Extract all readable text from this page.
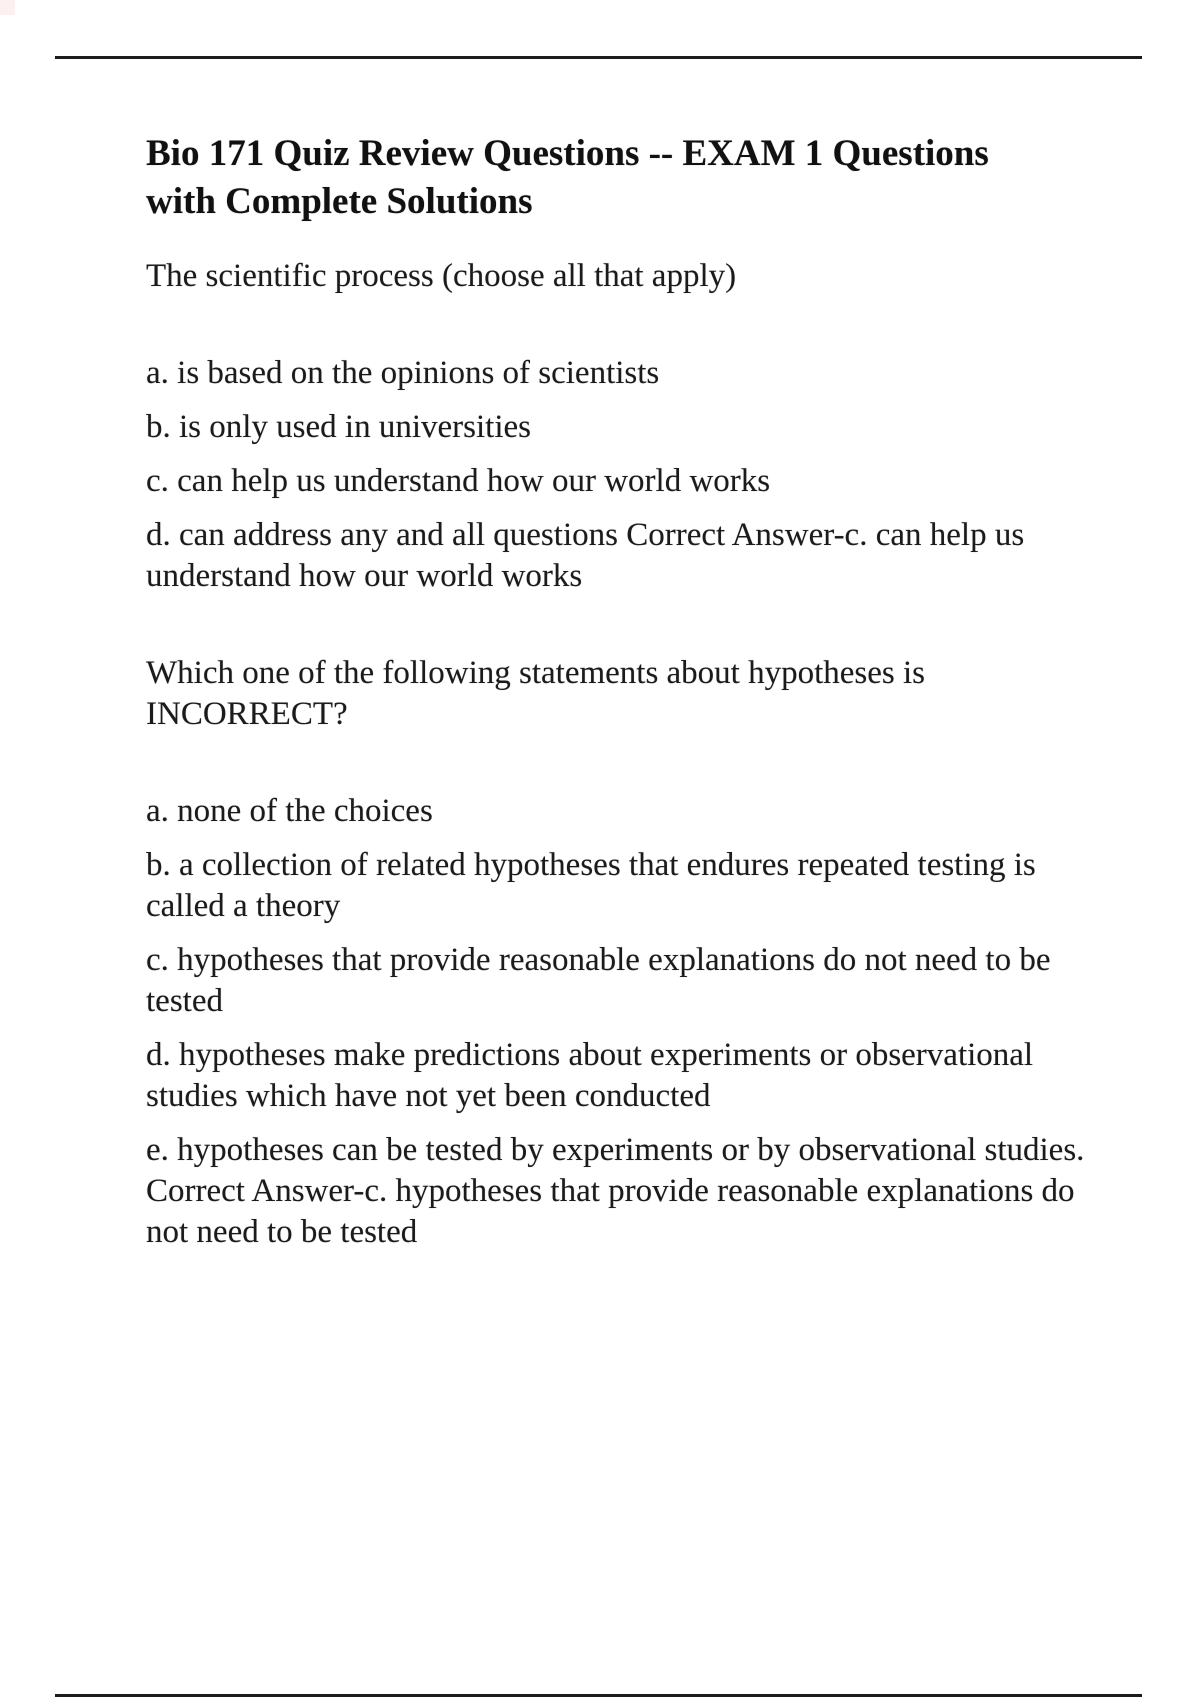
Bio 171 Quiz Review Questions -- EXAM 1 Questions
with Complete Solutions

The scientific process (choose all that apply)

a. is based on the opinions of scientists

b. is only used in universities

c. can help us understand how our world works

d. can address any and all questions Correct Answer-c. can help us
understand how our world works

Which one of the following statements about hypotheses is
INCORRECT?

a. none of the choices

b. a collection of related hypotheses that endures repeated testing is
called a theory

c. hypotheses that provide reasonable explanations do not need to be
tested

d. hypotheses make predictions about experiments or observational
studies which have not yet been conducted

e. hypotheses can be tested by experiments or by observational studies.
Correct Answer-c. hypotheses that provide reasonable explanations do
not need to be tested
